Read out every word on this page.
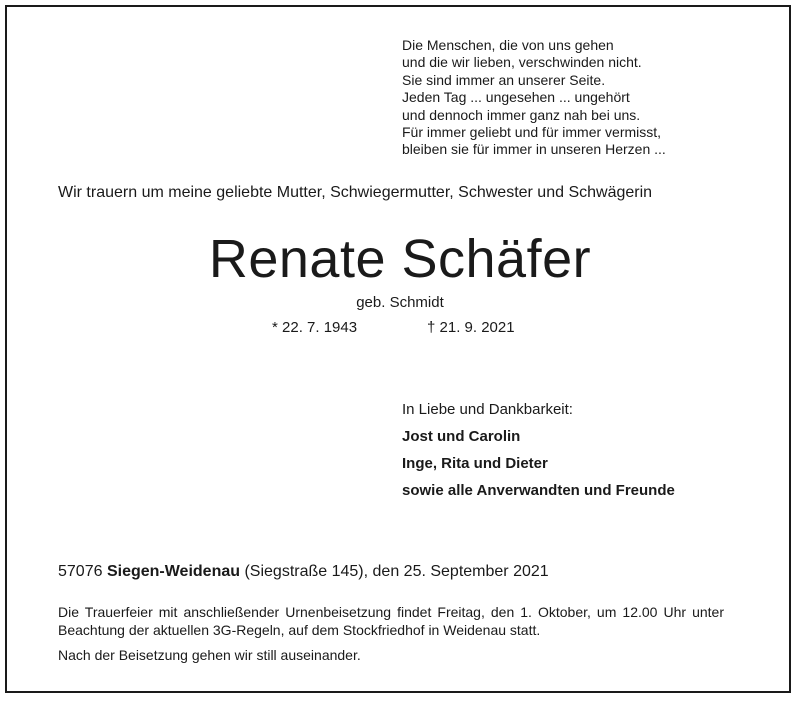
Die Menschen, die von uns gehen
und die wir lieben, verschwinden nicht.
Sie sind immer an unserer Seite.
Jeden Tag ... ungesehen ... ungehört
und dennoch immer ganz nah bei uns.
Für immer geliebt und für immer vermisst,
bleiben sie für immer in unseren Herzen ...
Wir trauern um meine geliebte Mutter, Schwiegermutter, Schwester und Schwägerin
Renate Schäfer
geb. Schmidt
* 22. 7. 1943	† 21. 9. 2021
In Liebe und Dankbarkeit:
Jost und Carolin
Inge, Rita und Dieter
sowie alle Anverwandten und Freunde
57076 Siegen-Weidenau (Siegstraße 145), den 25. September 2021
Die Trauerfeier mit anschließender Urnenbeisetzung findet Freitag, den 1. Oktober, um 12.00 Uhr unter Beachtung der aktuellen 3G-Regeln, auf dem Stockfriedhof in Weidenau statt.
Nach der Beisetzung gehen wir still auseinander.
